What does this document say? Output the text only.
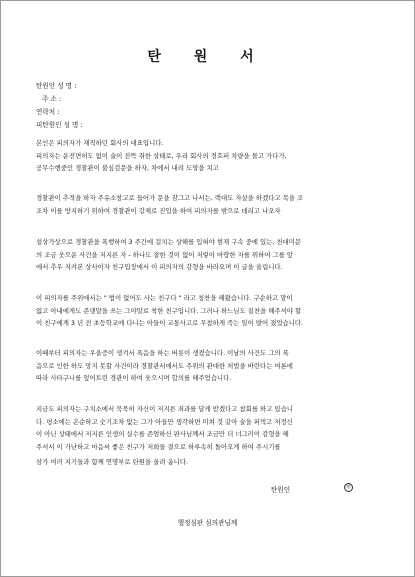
탄 원 서
탄원인 성 명 :
주 소 :
연락처 :
피탄원인 성 명 :
본인은 피의자가 재직하던 회사의 대표입니다.
피의자는 운전면허도 없이 술이 잔뜩 취한 상태로, 우리 회사의 경호퍼 차량을 몰고 가다가,
공무수행중인 경찰관이 불심검문을 하자, 차에서 내려 도망을 치고
경찰관이 추적을 하자 주유소창고로 들어가 문을 잠그고 나서는, 렉대도 자살을 하겠다고 목을 조
조차 이를 방지하기 위하여 경찰관이 강제로 진입을 하여 피의자를 밖으로 데리고 나오자
설상가상으로 경찰관을 폭행하여 3 주간에 걸치는 상해를 입혀야 현재 구속 중에 있는, 천대미문
의 조금 웃으운 사건을 저지른 자 - 하나도 잘한 것이 없어 저렇이 마땅한 자를 위하여 그를 앞
에서 추우 지켜본 상사이자 친구입장에서 이 피의자의 감형을 바라오며 이 글을 올립니다.
이 피의자를 주위에서는 " 법이 없어도 사는 친구다 " 라고 칭찬을 해왔습니다. 구순하고 말이
없고 아내에게도 존댓말을 쓰는 그야말로 착한 친구입니다. 그러나 하느님도 질찬을 해주셔야 할
이 친구에게 3 년 전 초등학교에 다니는 아들이 교통사고로 무참하게 죽는 일이 발어 졌었습니다.
이때부터 피의자는 우울증이 생겨서 폭음을 하는 버릇이 생겼습니다. 이날의 사건도 그의 폭
음으로 인한 하도 망지 못할 사건이라 경찰관서에서도 주위의 관대한 처벌을 바란다는 여론에
따라 사타구니를 엎어트린 경관이 하여 웃으시며 합의를 해주었습니다.
지금도 피의자는 구치소에서 묵묵히 자신이 저지른 죄과를 달게 받겠다고 참회를 하고 있습니
다. 평소에는 온순하고 숫기조차 없는 그가 아들만 생각하면 미쳐 것 같아 술을 퍼먹고 저정신
이 아닌 상태에서 저지른 인생의 실수를 존엄하신 판사님께서 조금만 더 너그러이 감형을 해
주셔서 이 가난하고 마음씨 좋은 친구가 저희들 곁으로 하루속히 돌아오게 하여 주시기를
삼가 여러 지기들과 함께 연명부로 탄원을 올려 옵니다.
탄원인	㊞
행정심판 심의관님께
